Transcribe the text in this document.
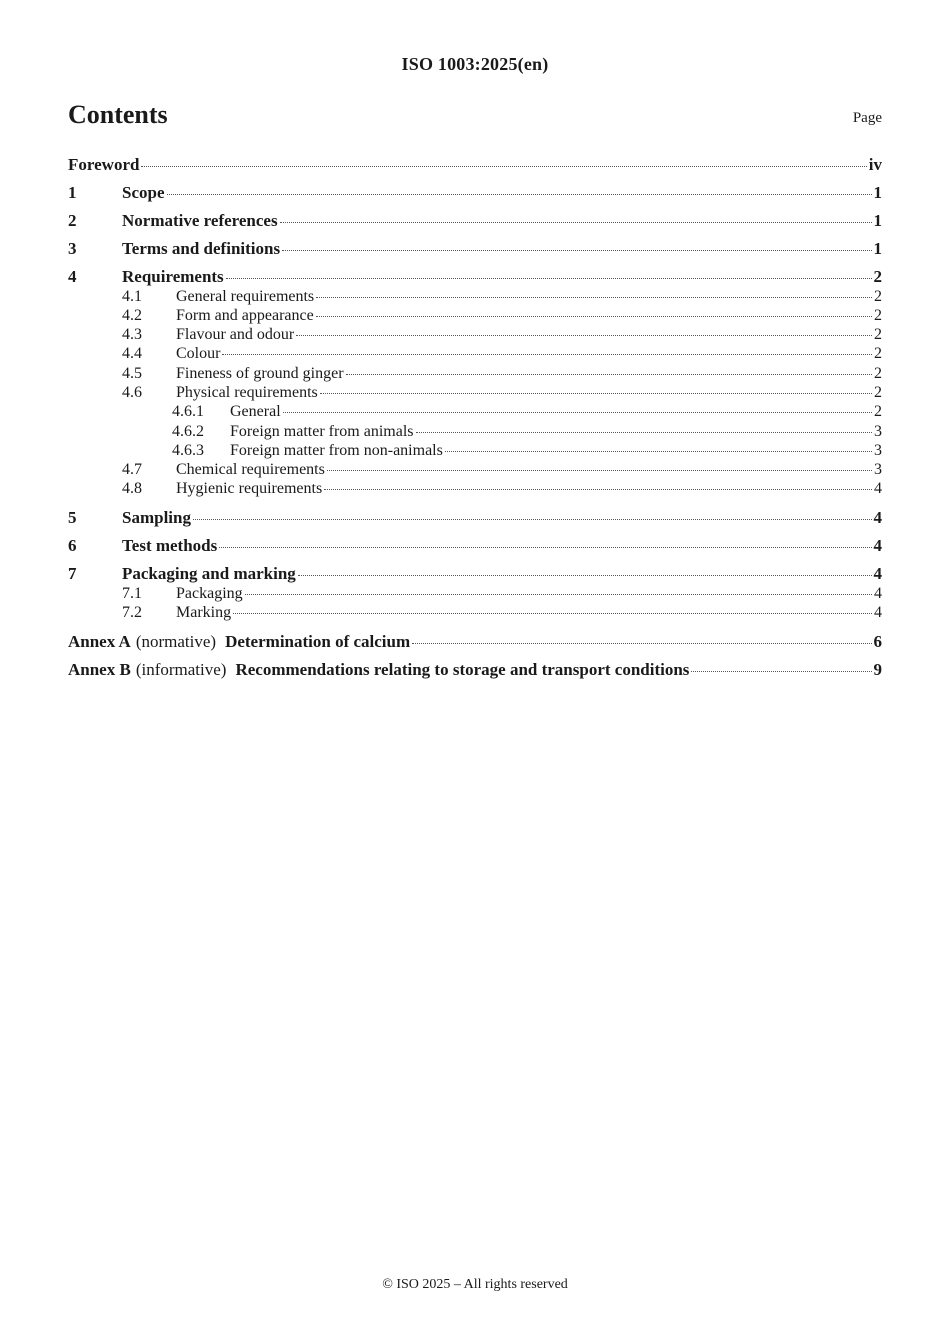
ISO 1003:2025(en)
Contents	Page
Foreword	iv
1	Scope	1
2	Normative references	1
3	Terms and definitions	1
4	Requirements	2
4.1	General requirements	2
4.2	Form and appearance	2
4.3	Flavour and odour	2
4.4	Colour	2
4.5	Fineness of ground ginger	2
4.6	Physical requirements	2
4.6.1	General	2
4.6.2	Foreign matter from animals	3
4.6.3	Foreign matter from non-animals	3
4.7	Chemical requirements	3
4.8	Hygienic requirements	4
5	Sampling	4
6	Test methods	4
7	Packaging and marking	4
7.1	Packaging	4
7.2	Marking	4
Annex A (normative) Determination of calcium	6
Annex B (informative) Recommendations relating to storage and transport conditions	9
© ISO 2025 – All rights reserved
